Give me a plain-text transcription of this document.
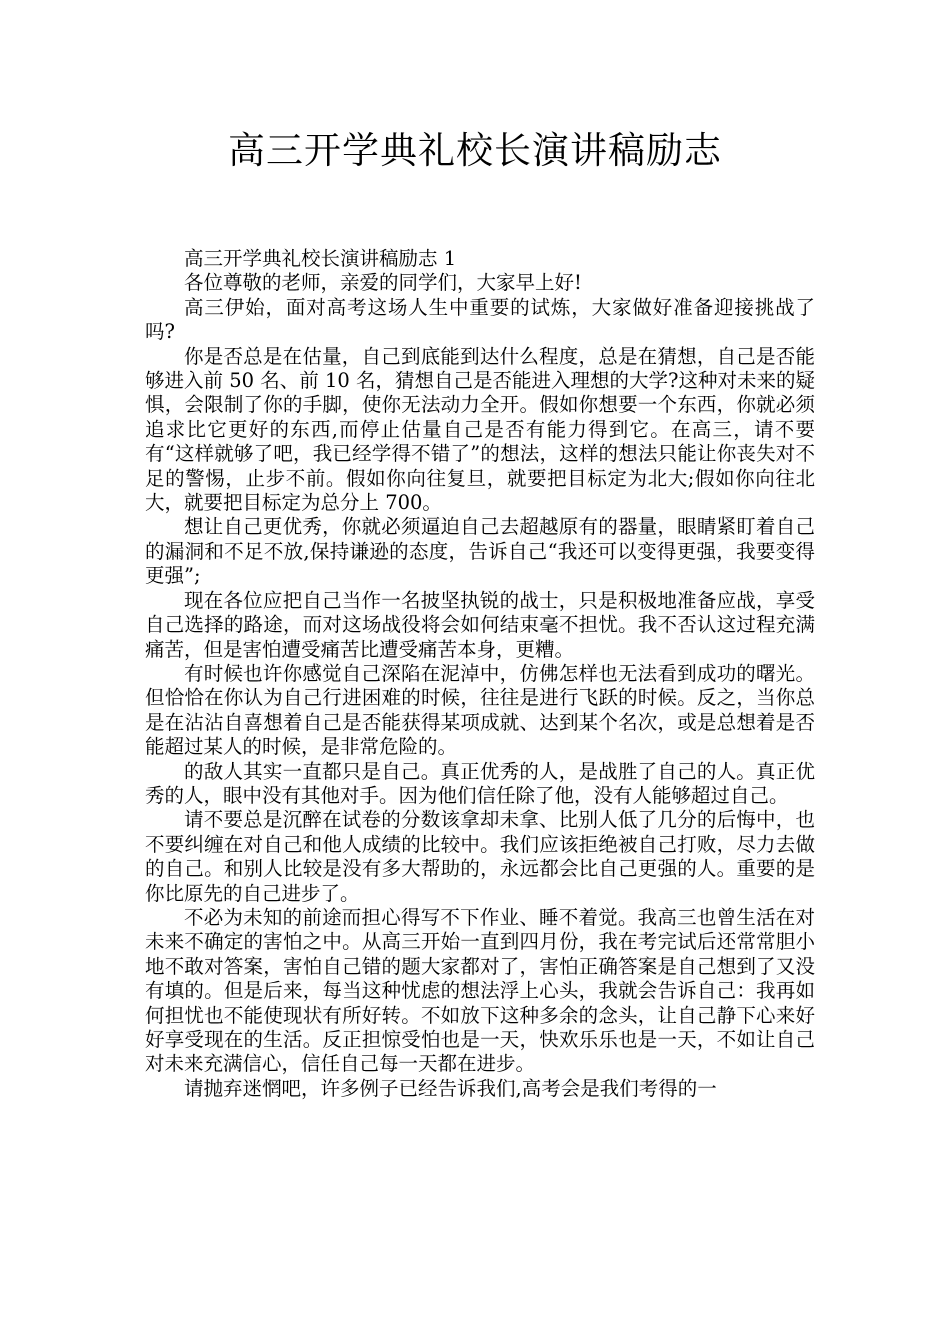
高三开学典礼校长演讲稿励志

高三开学典礼校长演讲稿励志 1

各位尊敬的老师，亲爱的同学们，大家早上好!

高三伊始，面对高考这场人生中重要的试炼，大家做好准备迎接挑战了吗?

你是否总是在估量，自己到底能到达什么程度，总是在猜想，自己是否能够进入前 50 名、前 10 名，猜想自己是否能进入理想的大学?这种对未来的疑惧，会限制了你的手脚，使你无法动力全开。假如你想要一个东西，你就必须追求比它更好的东西,而停止估量自己是否有能力得到它。在高三，请不要有“这样就够了吧，我已经学得不错了”的想法，这样的想法只能让你丧失对不足的警惕，止步不前。假如你向往复旦，就要把目标定为北大;假如你向往北大，就要把目标定为总分上 700。

想让自己更优秀，你就必须逼迫自己去超越原有的器量，眼睛紧盯着自己的漏洞和不足不放,保持谦逊的态度，告诉自己“我还可以变得更强，我要变得更强”;

现在各位应把自己当作一名披坚执锐的战士，只是积极地准备应战，享受自己选择的路途，而对这场战役将会如何结束毫不担忧。我不否认这过程充满痛苦，但是害怕遭受痛苦比遭受痛苦本身，更糟。

有时候也许你感觉自己深陷在泥淖中，仿佛怎样也无法看到成功的曙光。但恰恰在你认为自己行进困难的时候，往往是进行飞跃的时候。反之，当你总是在沾沾自喜想着自己是否能获得某项成就、达到某个名次，或是总想着是否能超过某人的时候，是非常危险的。

的敌人其实一直都只是自己。真正优秀的人，是战胜了自己的人。真正优秀的人，眼中没有其他对手。因为他们信任除了他，没有人能够超过自己。

请不要总是沉醉在试卷的分数该拿却未拿、比别人低了几分的后悔中，也不要纠缠在对自己和他人成绩的比较中。我们应该拒绝被自己打败，尽力去做的自己。和别人比较是没有多大帮助的，永远都会比自己更强的人。重要的是你比原先的自己进步了。

不必为未知的前途而担心得写不下作业、睡不着觉。我高三也曾生活在对未来不确定的害怕之中。从高三开始一直到四月份，我在考完试后还常常胆小地不敢对答案，害怕自己错的题大家都对了，害怕正确答案是自己想到了又没有填的。但是后来，每当这种忧虑的想法浮上心头，我就会告诉自己：我再如何担忧也不能使现状有所好转。不如放下这种多余的念头，让自己静下心来好好享受现在的生活。反正担惊受怕也是一天，快欢乐乐也是一天，不如让自己对未来充满信心，信任自己每一天都在进步。

请抛弃迷惘吧，许多例子已经告诉我们,高考会是我们考得的一
